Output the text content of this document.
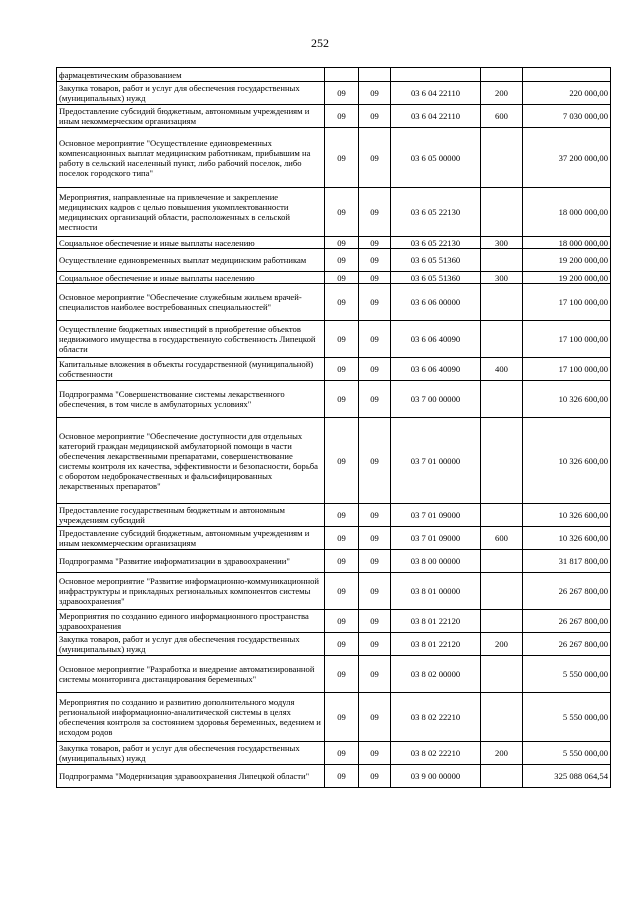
252
фармацевтическим образованием					
Закупка товаров, работ и услуг для обеспечения государственных (муниципальных) нужд	09	09	03 6 04 22110	200	220 000,00
Предоставление субсидий бюджетным, автономным учреждениям и иным некоммерческим организациям	09	09	03 6 04 22110	600	7 030 000,00
Основное мероприятие "Осуществление единовременных компенсационных выплат медицинским работникам, прибывшим на работу в сельский населенный пункт, либо рабочий поселок, либо поселок городского типа"	09	09	03 6 05 00000		37 200 000,00
Мероприятия, направленные на привлечение и закрепление медицинских кадров с целью повышения укомплектованности медицинских организаций области, расположенных в сельской местности	09	09	03 6 05 22130		18 000 000,00
Социальное обеспечение и иные выплаты населению	09	09	03 6 05 22130	300	18 000 000,00
Осуществление единовременных выплат медицинским работникам	09	09	03 6 05 51360		19 200 000,00
Социальное обеспечение и иные выплаты населению	09	09	03 6 05 51360	300	19 200 000,00
Основное мероприятие "Обеспечение служебным жильем врачей-специалистов наиболее востребованных специальностей"	09	09	03 6 06 00000		17 100 000,00
Осуществление бюджетных инвестиций в приобретение объектов недвижимого имущества в государственную собственность Липецкой области	09	09	03 6 06 40090		17 100 000,00
Капитальные вложения в объекты государственной (муниципальной) собственности	09	09	03 6 06 40090	400	17 100 000,00
Подпрограмма "Совершенствование системы лекарственного обеспечения, в том числе в амбулаторных условиях"	09	09	03 7 00 00000		10 326 600,00
Основное мероприятие "Обеспечение доступности для отдельных категорий граждан медицинской амбулаторной помощи в части обеспечения лекарственными препаратами, совершенствование системы контроля их качества, эффективности и безопасности, борьба с оборотом недоброкачественных и фальсифицированных лекарственных препаратов"	09	09	03 7 01 00000		10 326 600,00
Предоставление государственным бюджетным и автономным учреждениям субсидий	09	09	03 7 01 09000		10 326 600,00
Предоставление субсидий бюджетным, автономным учреждениям и иным некоммерческим организациям	09	09	03 7 01 09000	600	10 326 600,00
Подпрограмма "Развитие информатизации в здравоохранении"	09	09	03 8 00 00000		31 817 800,00
Основное мероприятие "Развитие информационно-коммуникационной инфраструктуры и прикладных региональных компонентов системы здравоохранения"	09	09	03 8 01 00000		26 267 800,00
Мероприятия по созданию единого информационного пространства здравоохранения	09	09	03 8 01 22120		26 267 800,00
Закупка товаров, работ и услуг для обеспечения государственных (муниципальных) нужд	09	09	03 8 01 22120	200	26 267 800,00
Основное мероприятие "Разработка и внедрение автоматизированной системы мониторинга дистанцирования беременных"	09	09	03 8 02 00000		5 550 000,00
Мероприятия по созданию и развитию дополнительного модуля региональной информационно-аналитической системы в целях обеспечения контроля за состоянием здоровья беременных, ведением и исходом родов	09	09	03 8 02 22210		5 550 000,00
Закупка товаров, работ и услуг для обеспечения государственных (муниципальных) нужд	09	09	03 8 02 22210	200	5 550 000,00
Подпрограмма "Модернизация здравоохранения Липецкой области"	09	09	03 9 00 00000		325 088 064,54
